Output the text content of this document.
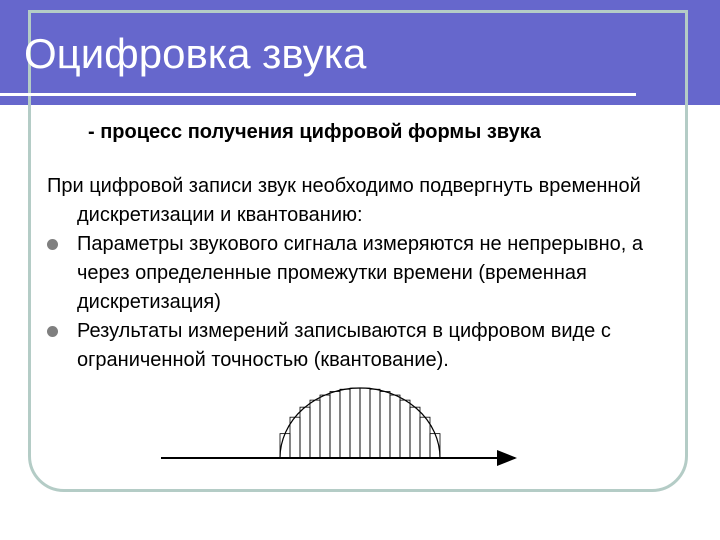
Оцифровка звука
- процесс получения цифровой формы звука
При цифровой записи звук необходимо подвергнуть временной дискретизации и квантованию:
Параметры звукового сигнала измеряются не непрерывно, а через определенные промежутки времени (временная дискретизация)
Результаты измерений записываются в цифровом виде с ограниченной точностью (квантование).
